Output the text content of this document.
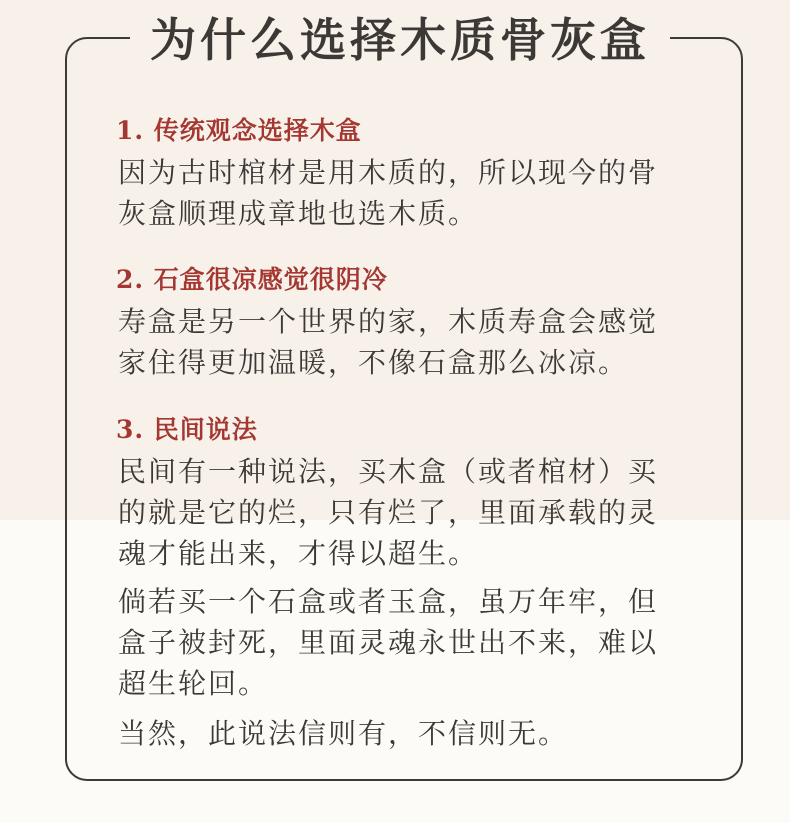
为什么选择木质骨灰盒
1. 传统观念选择木盒
因为古时棺材是用木质的，所以现今的骨
灰盒顺理成章地也选木质。
2. 石盒很凉感觉很阴冷
寿盒是另一个世界的家，木质寿盒会感觉
家住得更加温暖，不像石盒那么冰凉。
3. 民间说法
民间有一种说法，买木盒（或者棺材）买
的就是它的烂，只有烂了，里面承载的灵
魂才能出来，才得以超生。
倘若买一个石盒或者玉盒，虽万年牢，但
盒子被封死，里面灵魂永世出不来，难以
超生轮回。
当然，此说法信则有，不信则无。
